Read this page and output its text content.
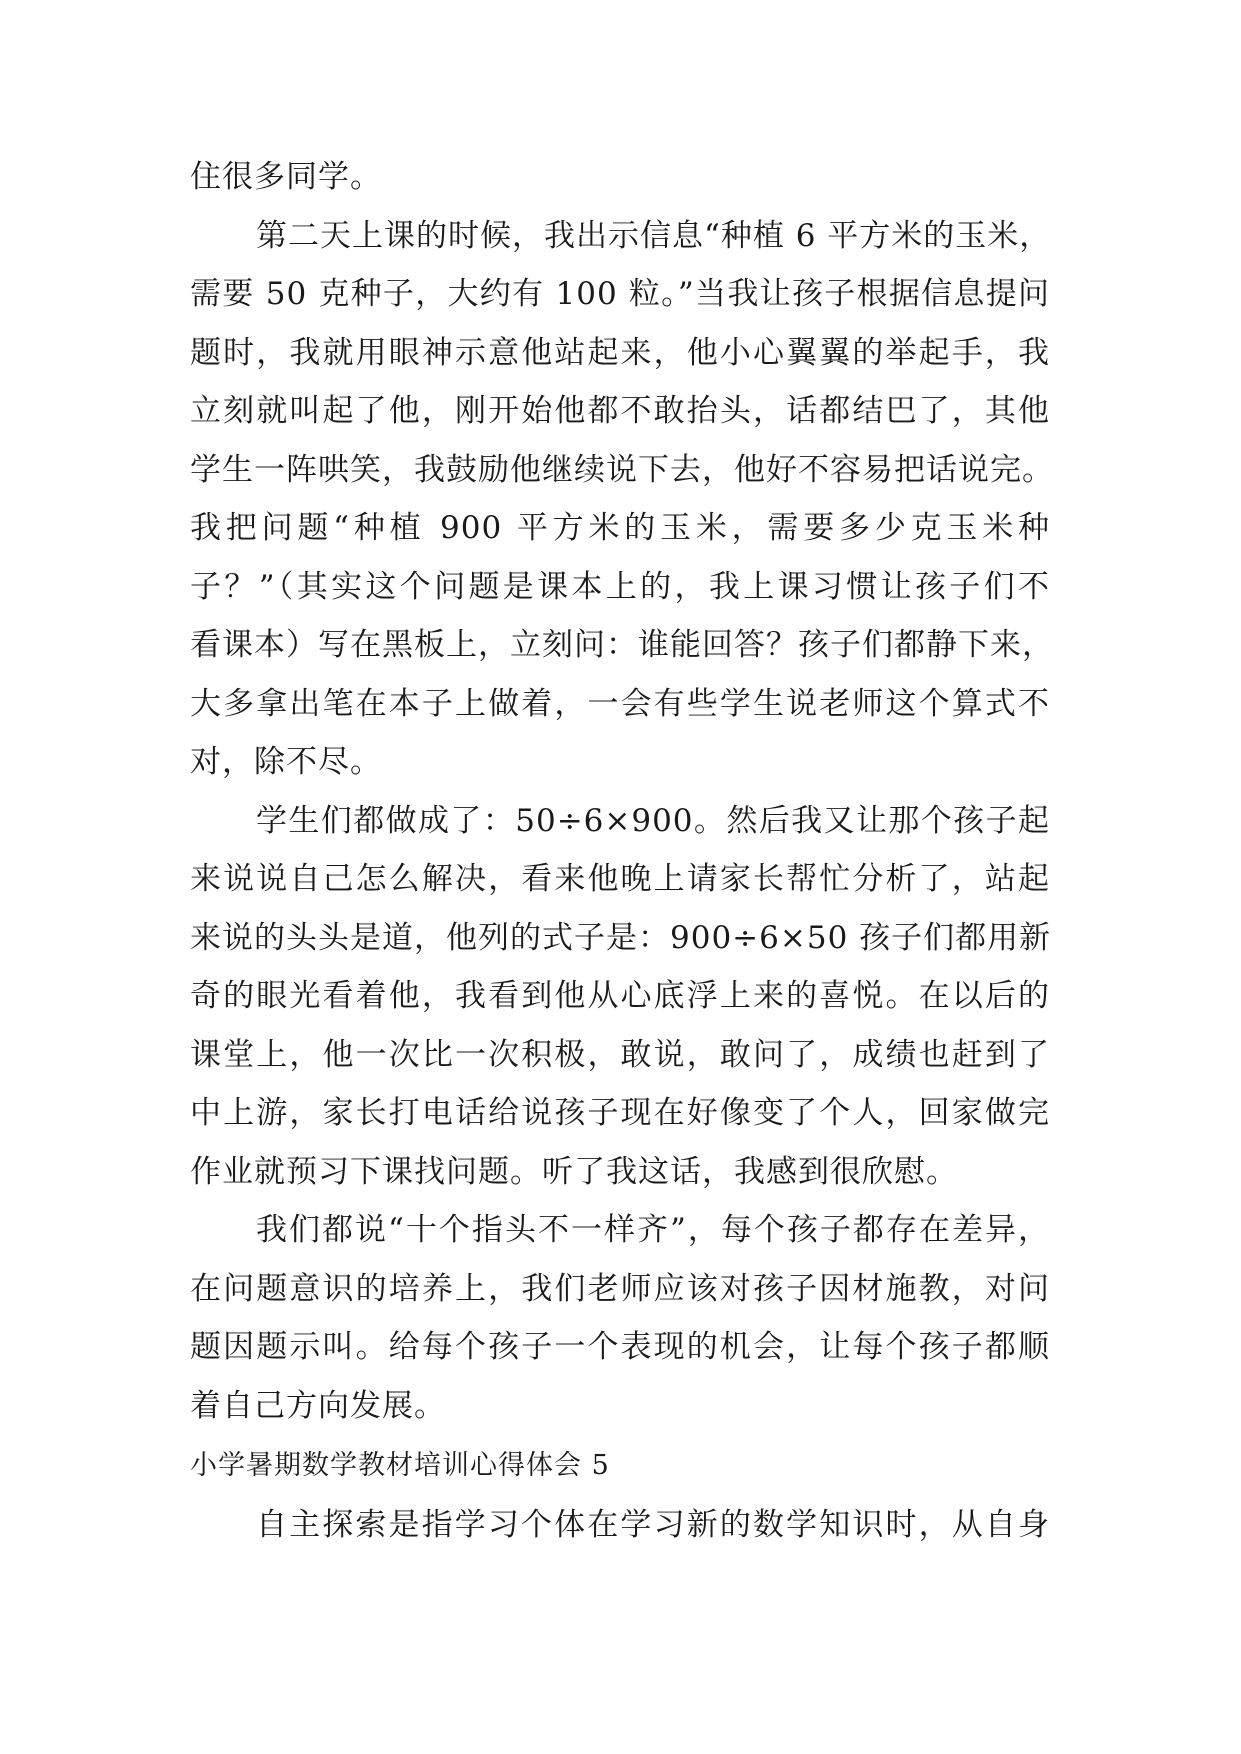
住很多同学。
第二天上课的时候，我出示信息“种植 6 平方米的玉米，
需要 50 克种子，大约有 100 粒。”当我让孩子根据信息提问
题时，我就用眼神示意他站起来，他小心翼翼的举起手，我
立刻就叫起了他，刚开始他都不敢抬头，话都结巴了，其他
学生一阵哄笑，我鼓励他继续说下去，他好不容易把话说完。
我把问题“种植 900 平方米的玉米，需要多少克玉米种
子？”（其实这个问题是课本上的，我上课习惯让孩子们不
看课本）写在黑板上，立刻问：谁能回答？孩子们都静下来，
大多拿出笔在本子上做着，一会有些学生说老师这个算式不
对，除不尽。
学生们都做成了：50÷6×900。然后我又让那个孩子起
来说说自己怎么解决，看来他晚上请家长帮忙分析了，站起
来说的头头是道，他列的式子是：900÷6×50 孩子们都用新
奇的眼光看着他，我看到他从心底浮上来的喜悦。在以后的
课堂上，他一次比一次积极，敢说，敢问了，成绩也赶到了
中上游，家长打电话给说孩子现在好像变了个人，回家做完
作业就预习下课找问题。听了我这话，我感到很欣慰。
我们都说“十个指头不一样齐”，每个孩子都存在差异，
在问题意识的培养上，我们老师应该对孩子因材施教，对问
题因题示叫。给每个孩子一个表现的机会，让每个孩子都顺
着自己方向发展。
小学暑期数学教材培训心得体会 5
自主探索是指学习个体在学习新的数学知识时，从自身
